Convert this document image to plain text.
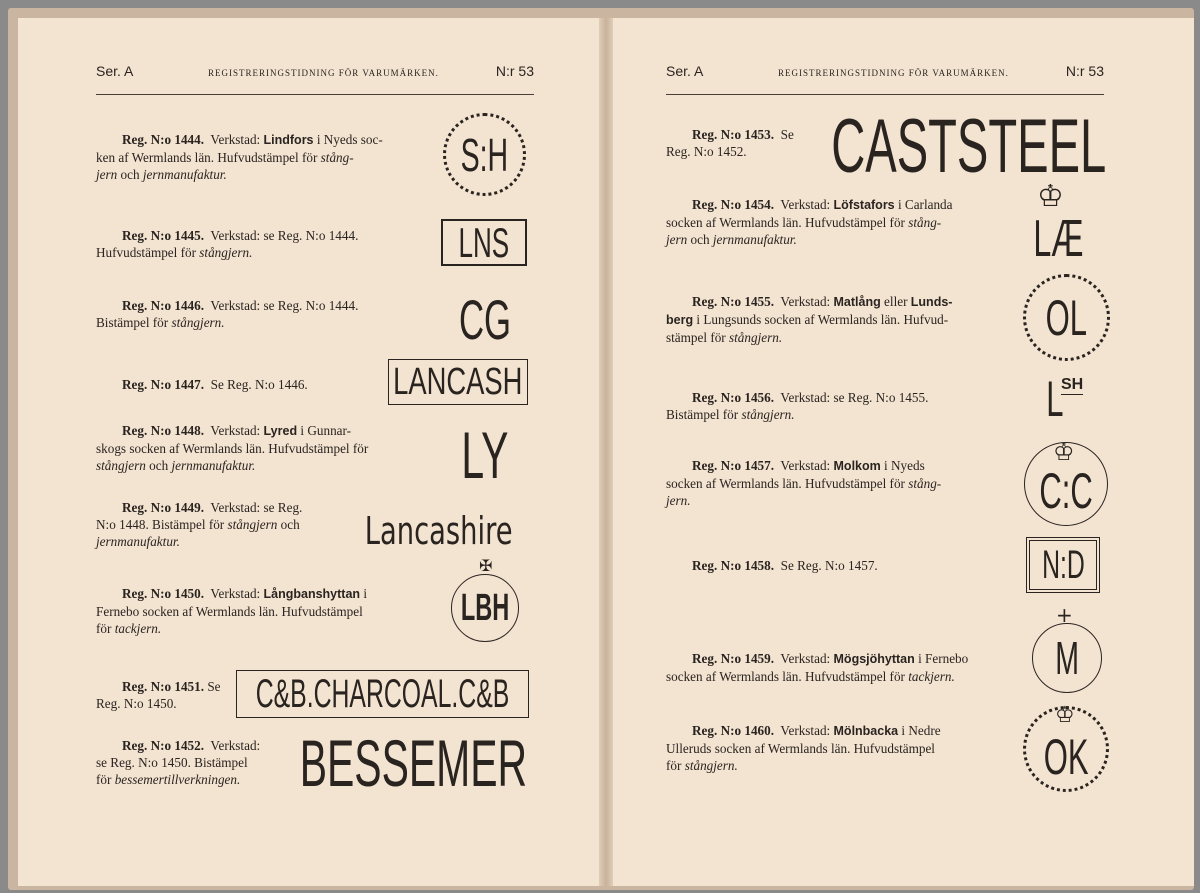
Ser. A	REGISTRERINGSTIDNING FÖR VARUMÄRKEN.	N:r 53
Reg. N:o 1444. Verkstad: Lindfors i Nyeds soc-
ken af Wermlands län. Hufvudstämpel för stång-
jern och jernmanufaktur.	S:H
Reg. N:o 1445. Verkstad: se Reg. N:o 1444.
Hufvudstämpel för stångjern.	LNS
Reg. N:o 1446. Verkstad: se Reg. N:o 1444.
Bistämpel för stångjern.	CG
Reg. N:o 1447. Se Reg. N:o 1446.	LANCASH
Reg. N:o 1448. Verkstad: Lyred i Gunnar-
skogs socken af Wermlands län. Hufvudstämpel för
stångjern och jernmanufaktur.	LY
Reg. N:o 1449. Verkstad: se Reg.
N:o 1448. Bistämpel för stångjern och
jernmanufaktur.	Lancashire
Reg. N:o 1450. Verkstad: Långbanshyttan i
Fernebo socken af Wermlands län. Hufvudstämpel
för tackjern.
✠
LBH
Reg. N:o 1451. Se
Reg. N:o 1450.	C&B.CHARCOAL.C&B
Reg. N:o 1452. Verkstad:
se Reg. N:o 1450. Bistämpel
för bessemertillverkningen. BESSEMER
Ser. A	REGISTRERINGSTIDNING FÖR VARUMÄRKEN.	N:r 53
Reg. N:o 1453. Se
Reg. N:o 1452.	CASTSTEEL
Reg. N:o 1454. Verkstad: Löfstafors i Carlanda
socken af Wermlands län. Hufvudstämpel för stång-
jern och jernmanufaktur.
♔
LÆ
Reg. N:o 1455. Verkstad: Matlång eller Lunds-
berg i Lungsunds socken af Wermlands län. Hufvud-
stämpel för stångjern.	OL
Reg. N:o 1456. Verkstad: se Reg. N:o 1455.
Bistämpel för stångjern.	L
SH
Reg. N:o 1457. Verkstad: Molkom i Nyeds
socken af Wermlands län. Hufvudstämpel för stång-
jern.
♔
C:C
Reg. N:o 1458. Se Reg. N:o 1457.	N:D
Reg. N:o 1459. Verkstad: Mögsjöhyttan i Fernebo
socken af Wermlands län. Hufvudstämpel för tackjern.
+
M
Reg. N:o 1460. Verkstad: Mölnbacka i Nedre
Ulleruds socken af Wermlands län. Hufvudstämpel
för stångjern.
♔
OK
